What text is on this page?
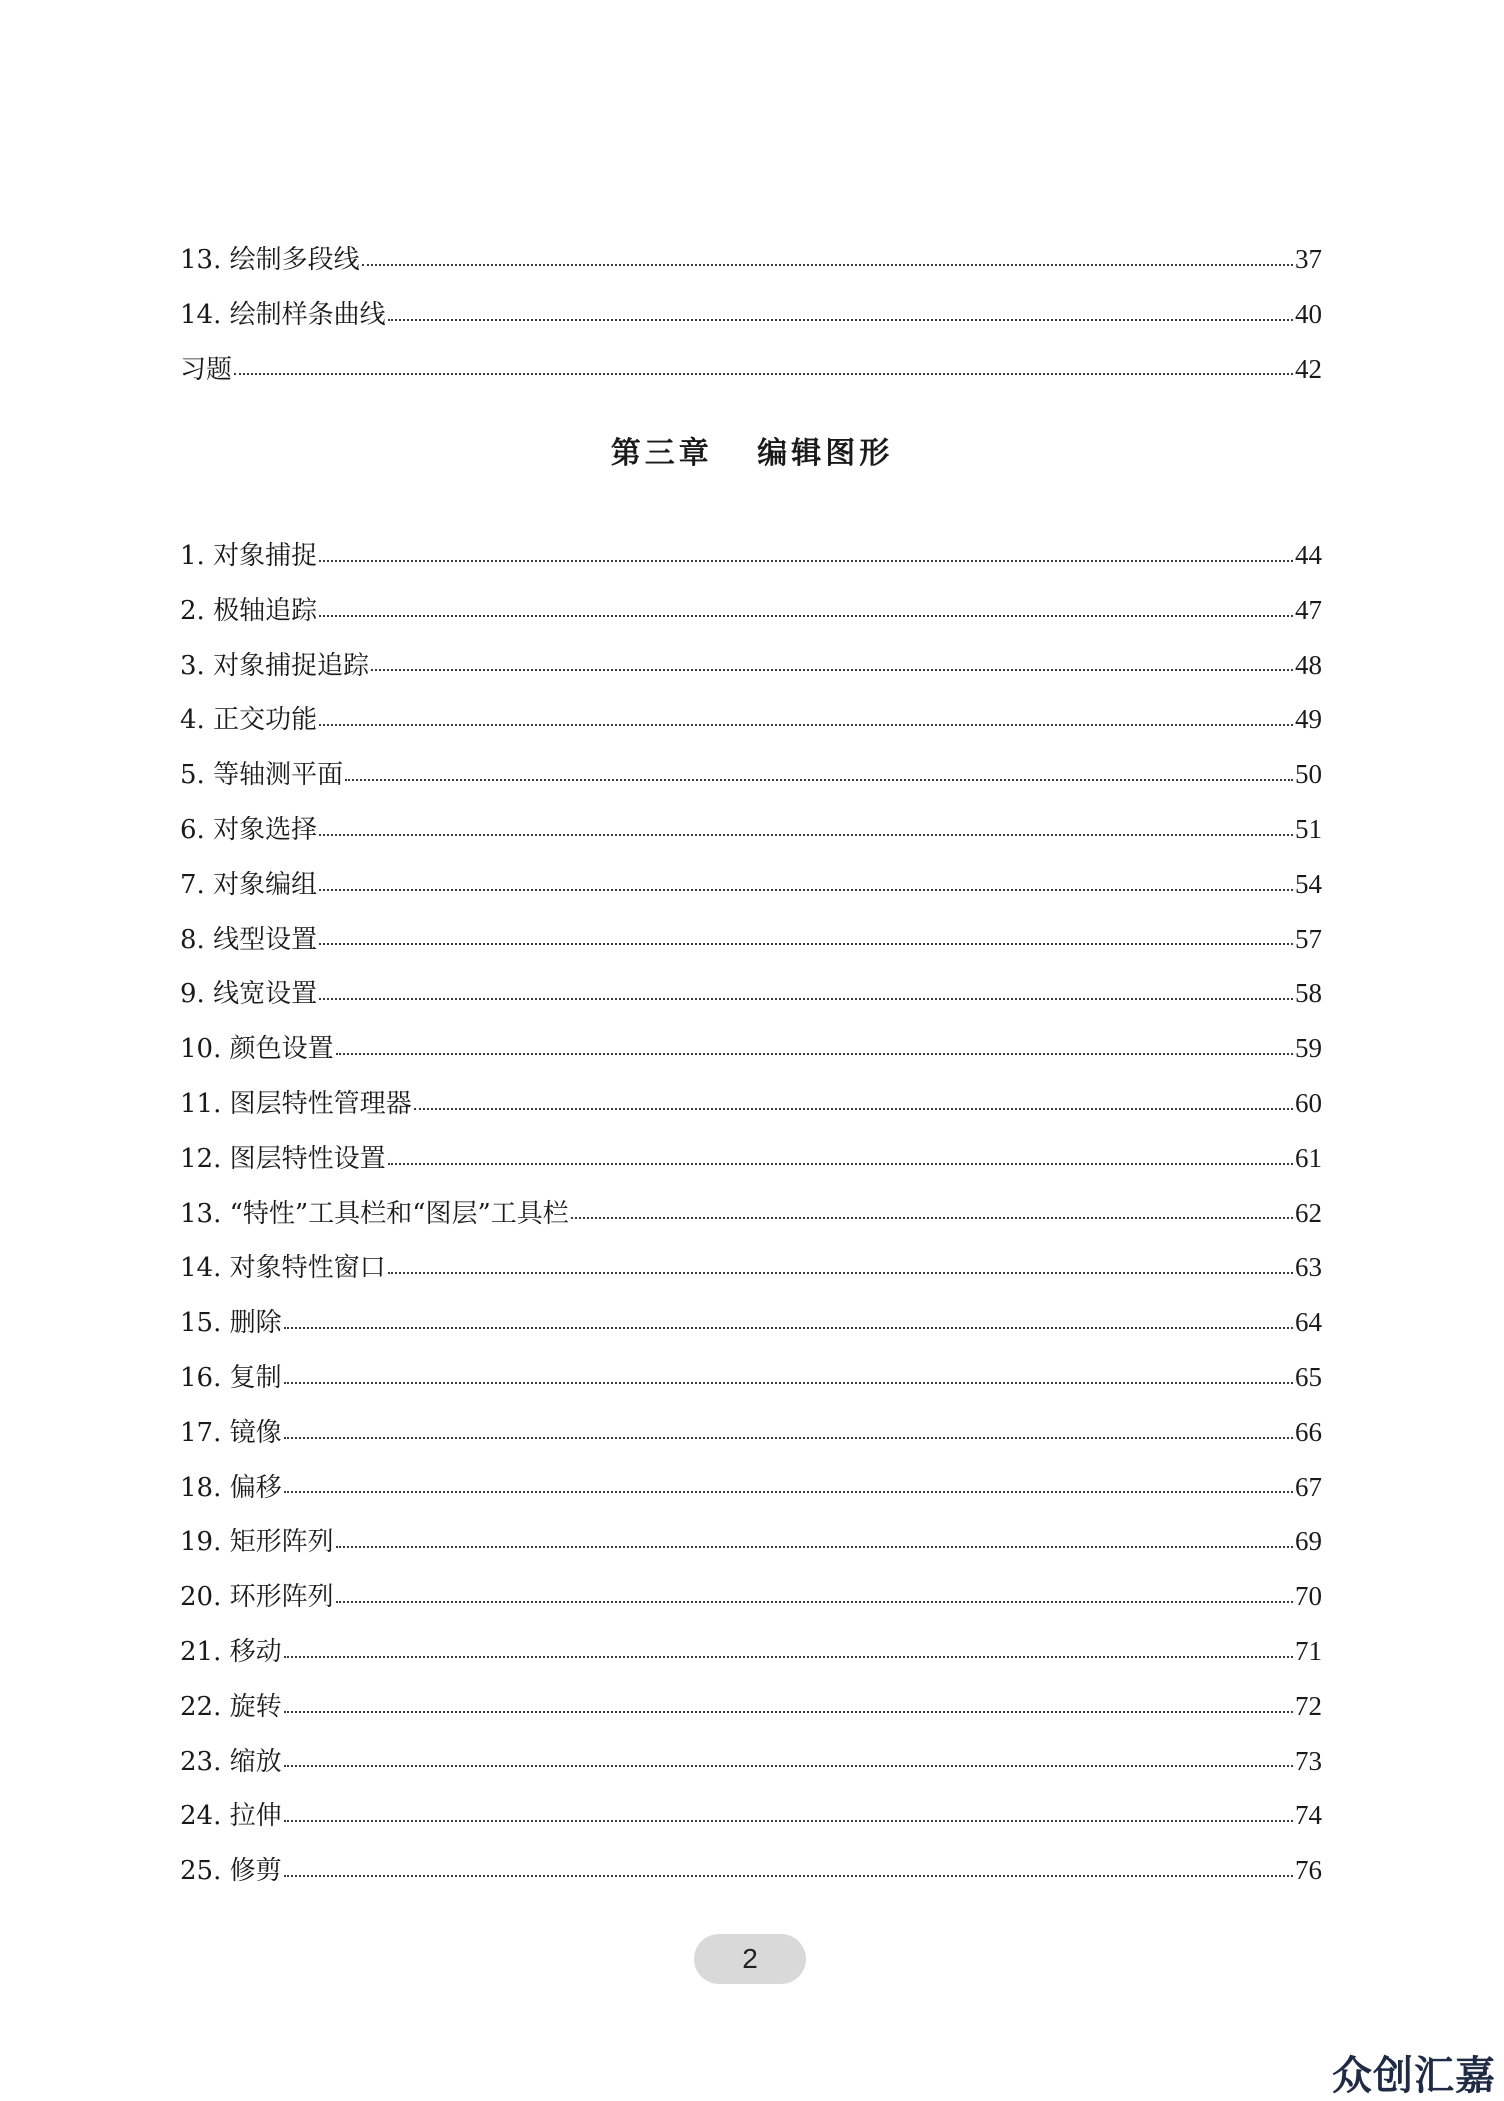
13. 绘制多段线	37
14. 绘制样条曲线	40
习题	42
第三章 编辑图形
1. 对象捕捉	44
2. 极轴追踪	47
3. 对象捕捉追踪	48
4. 正交功能	49
5. 等轴测平面	50
6. 对象选择	51
7. 对象编组	54
8. 线型设置	57
9. 线宽设置	58
10. 颜色设置	59
11. 图层特性管理器	60
12. 图层特性设置	61
13. “特性”工具栏和“图层”工具栏	62
14. 对象特性窗口	63
15. 删除	64
16. 复制	65
17. 镜像	66
18. 偏移	67
19. 矩形阵列	69
20. 环形阵列	70
21. 移动	71
22. 旋转	72
23. 缩放	73
24. 拉伸	74
25. 修剪	76
2
众创汇嘉
